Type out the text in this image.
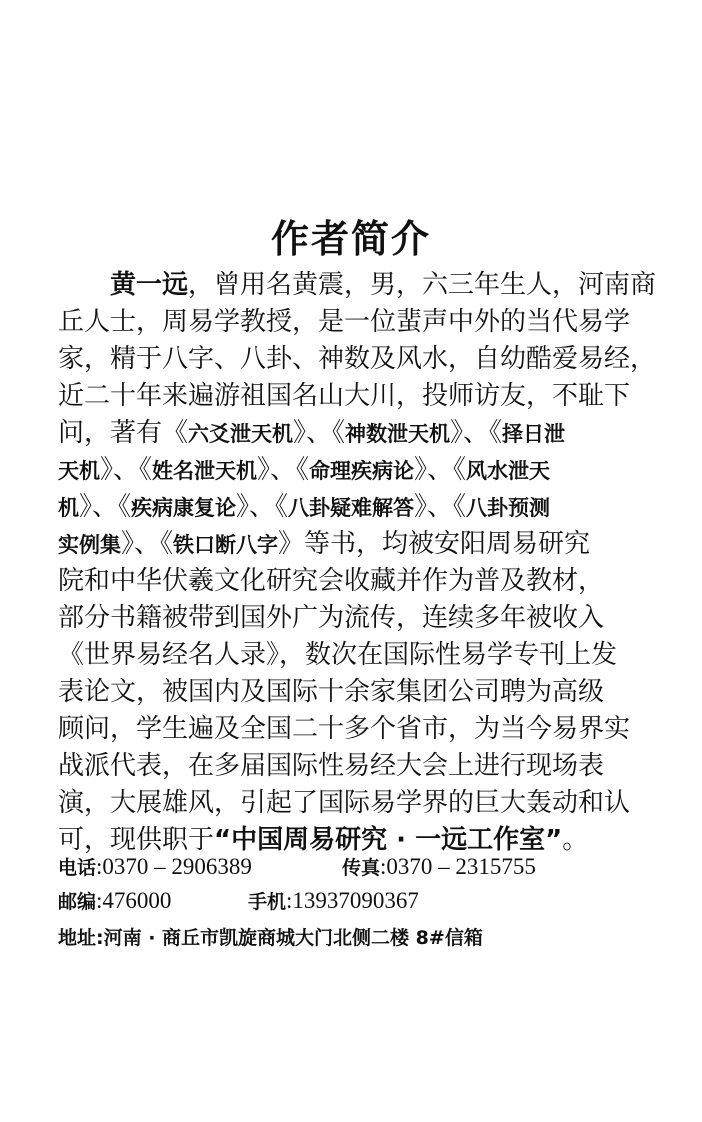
作者简介
黄一远，曾用名黄震，男，六三年生人，河南商
丘人士，周易学教授，是一位蜚声中外的当代易学
家，精于八字、八卦、神数及风水，自幼酷爱易经，
近二十年来遍游祖国名山大川，投师访友，不耻下
问，著有《六爻泄天机》、《神数泄天机》、《择日泄
天机》、《姓名泄天机》、《命理疾病论》、《风水泄天
机》、《疾病康复论》、《八卦疑难解答》、《八卦预测
实例集》、《铁口断八字》等书，均被安阳周易研究
院和中华伏羲文化研究会收藏并作为普及教材，
部分书籍被带到国外广为流传，连续多年被收入
《世界易经名人录》，数次在国际性易学专刊上发
表论文，被国内及国际十余家集团公司聘为高级
顾问，学生遍及全国二十多个省市，为当今易界实
战派代表，在多届国际性易经大会上进行现场表
演，大展雄风，引起了国际易学界的巨大轰动和认
可，现供职于“中国周易研究 · 一远工作室”。
电话:0370 – 2906389	传真:0370 – 2315755
邮编:476000	手机:13937090367
地址:河南 · 商丘市凯旋商城大门北侧二楼 8#信箱
